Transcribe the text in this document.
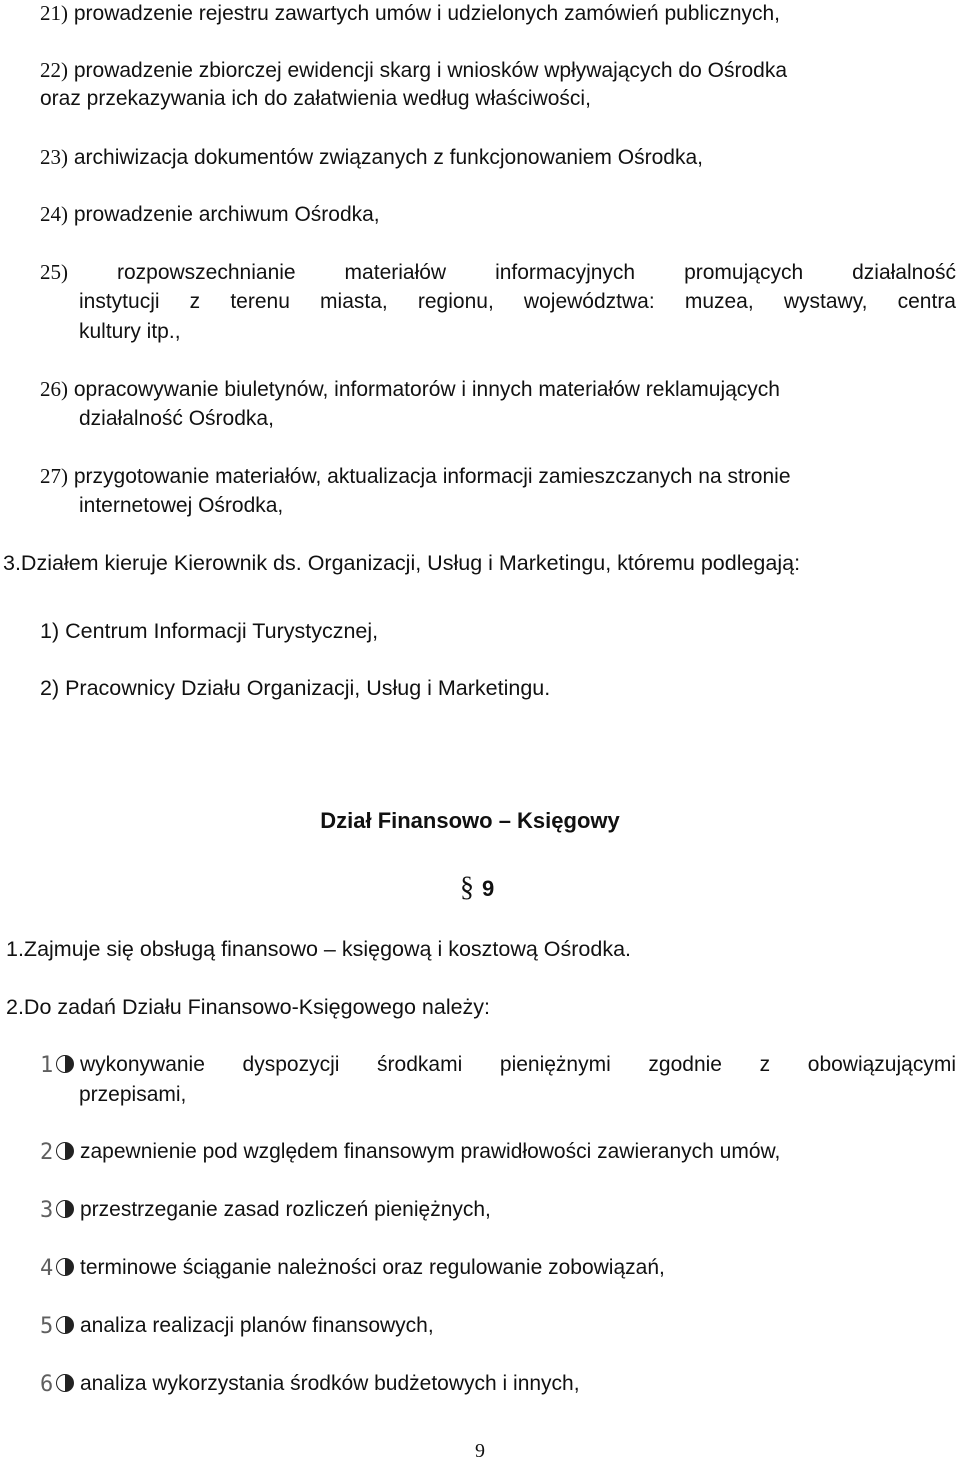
21) prowadzenie rejestru zawartych umów i udzielonych zamówień publicznych,
22) prowadzenie zbiorczej ewidencji skarg i wniosków wpływających do Ośrodka
oraz przekazywania ich do załatwienia według właściwości,
23) archiwizacja dokumentów związanych z funkcjonowaniem Ośrodka,
24) prowadzenie archiwum Ośrodka,
25) rozpowszechnianie materiałów informacyjnych promujących działalność
instytucji z terenu miasta, regionu, województwa: muzea, wystawy, centra
kultury itp.,
26) opracowywanie biuletynów, informatorów i innych materiałów reklamujących
działalność Ośrodka,
27) przygotowanie materiałów, aktualizacja informacji zamieszczanych na stronie
internetowej Ośrodka,
3.Działem kieruje Kierownik ds. Organizacji, Usług i Marketingu, któremu podlegają:
1) Centrum Informacji Turystycznej,
2) Pracownicy Działu Organizacji, Usług i Marketingu.
Dział Finansowo – Księgowy
§ 9
1.Zajmuje się obsługą finansowo – księgową i kosztową Ośrodka.
2.Do zadań Działu Finansowo-Księgowego należy:
1 wykonywanie dyspozycji środkami pieniężnymi zgodnie z obowiązującymi
przepisami,
2 zapewnienie pod względem finansowym prawidłowości zawieranych umów,
3 przestrzeganie zasad rozliczeń pieniężnych,
4 terminowe ściąganie należności oraz regulowanie zobowiązań,
5 analiza realizacji planów finansowych,
6 analiza wykorzystania środków budżetowych i innych,
9
